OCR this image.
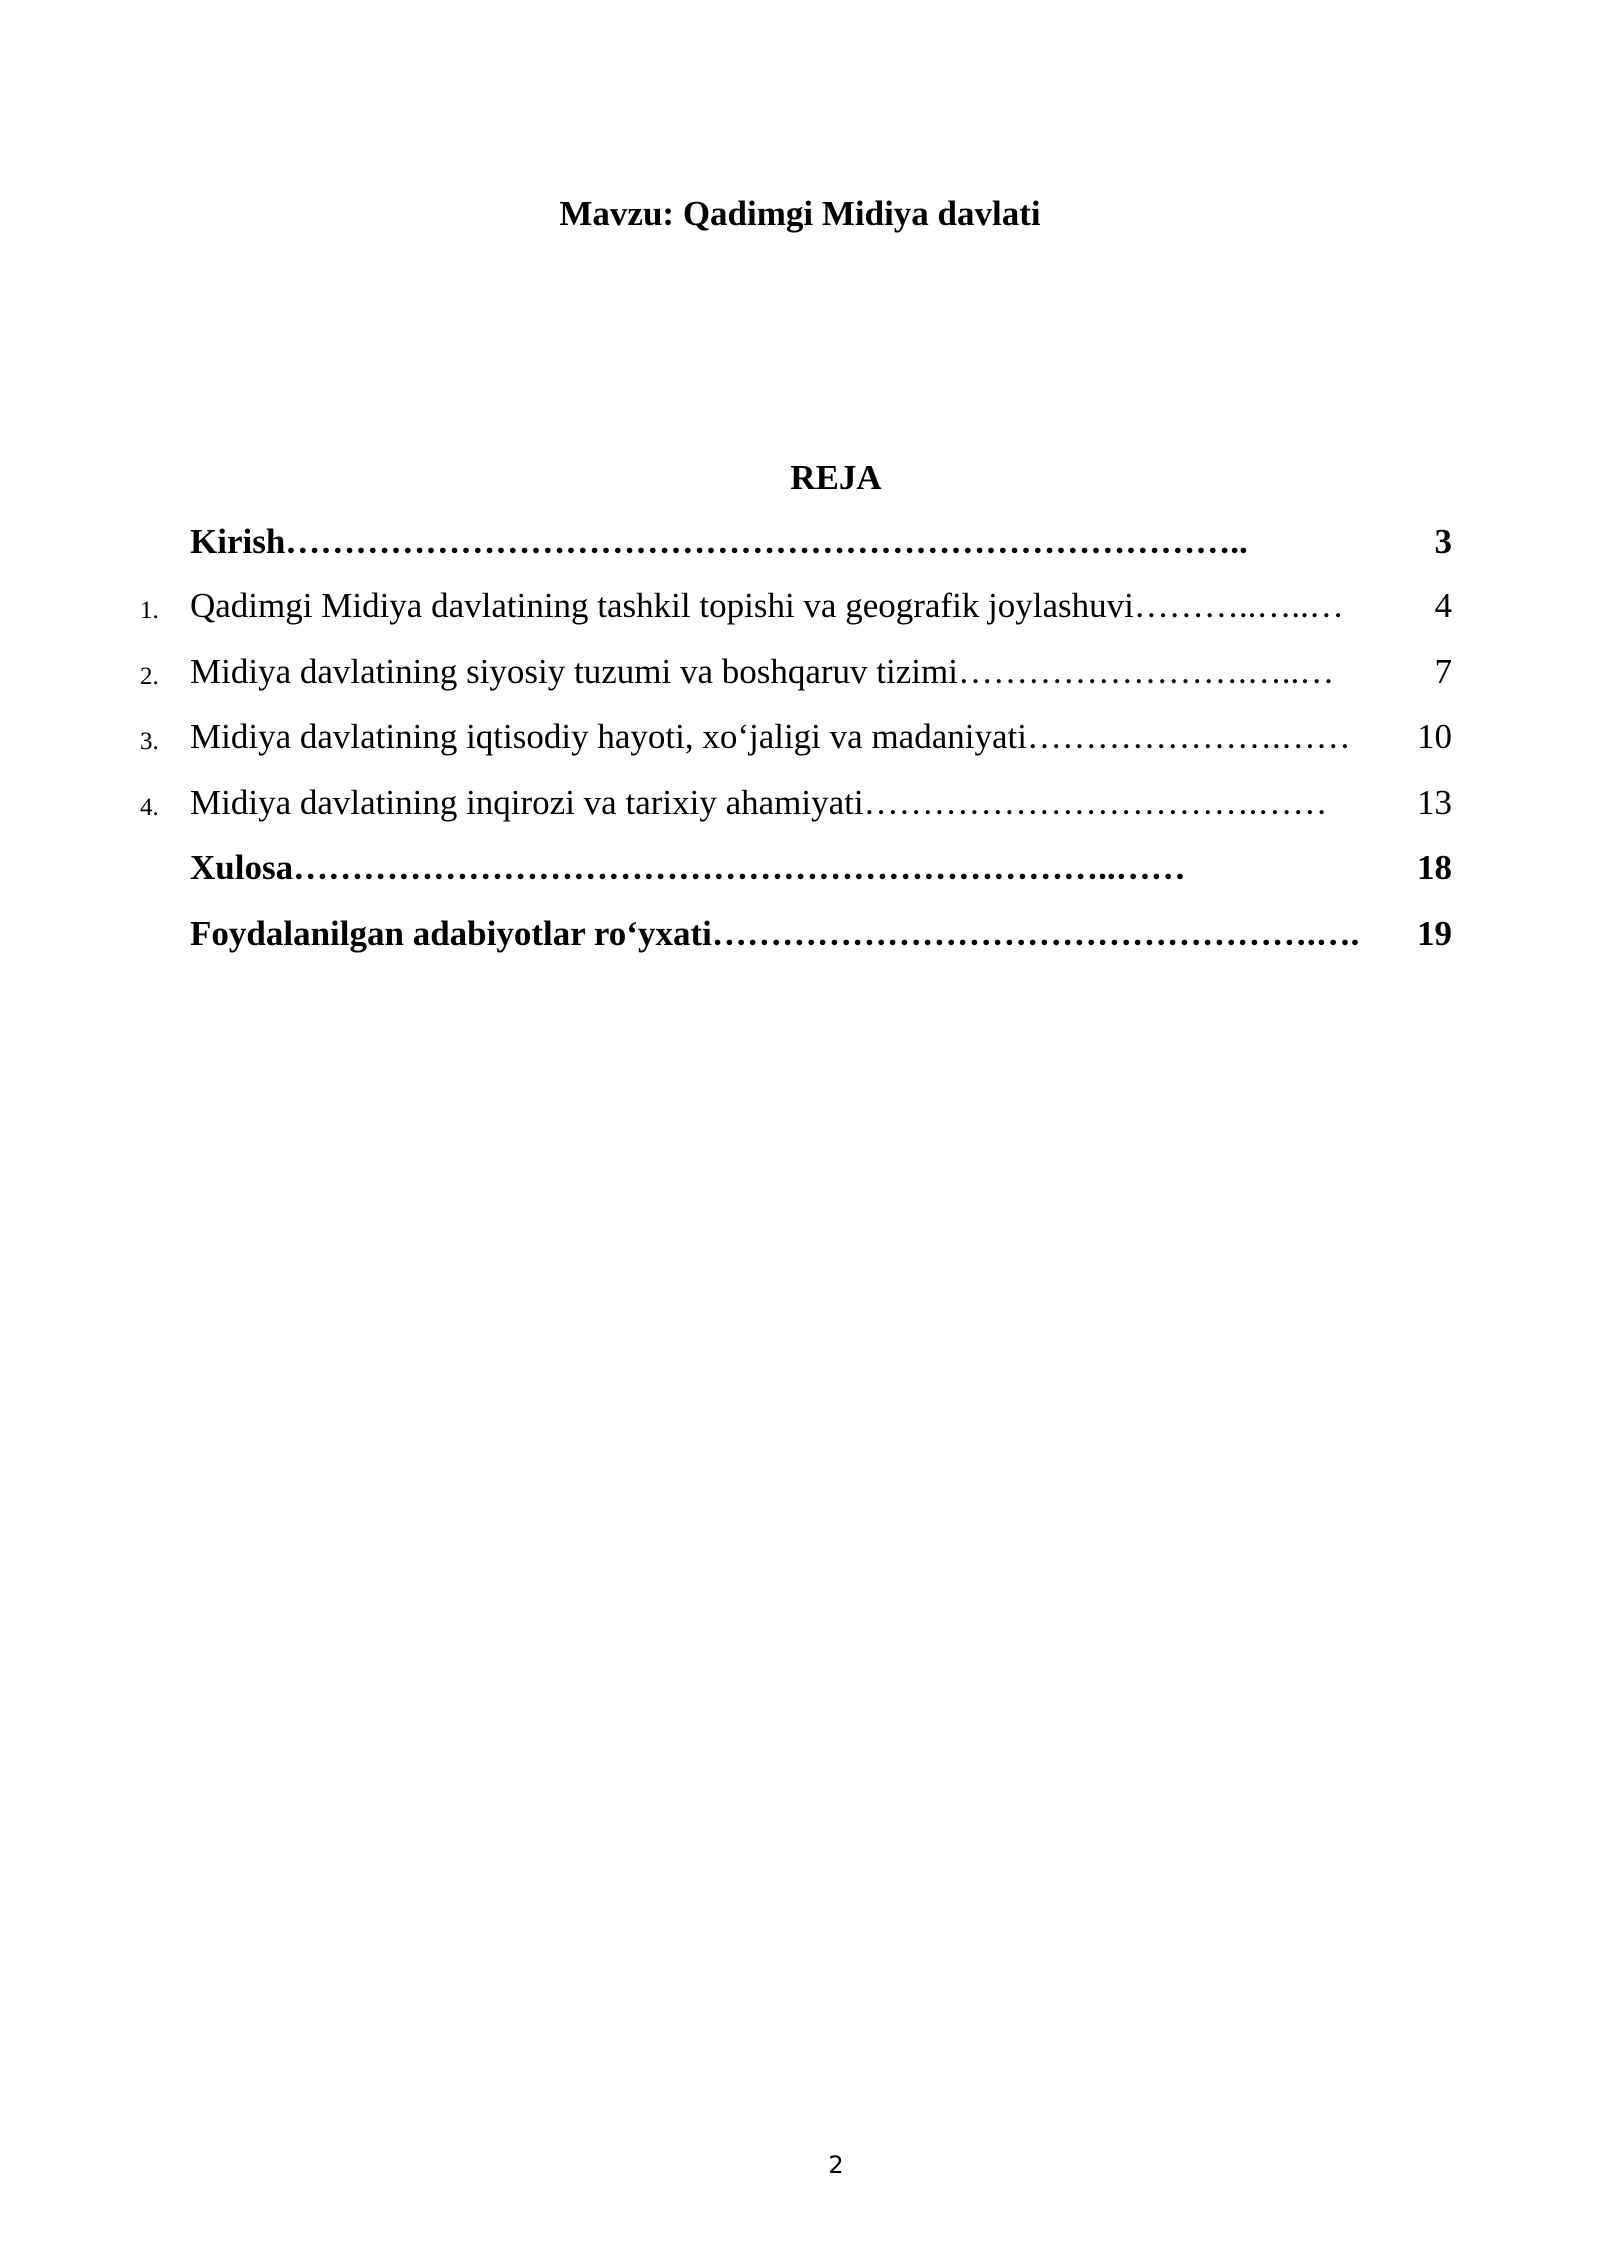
Mavzu: Qadimgi Midiya davlati
REJA
Kirish ………………………………………………………………………..	3
1. Qadimgi Midiya davlatining tashkil topishi va geografik joylashuvi ………..…..…	4
2. Midiya davlatining siyosiy tuzumi va boshqaruv tizimi …………………….…..…	7
3. Midiya davlatining iqtisodiy hayoti, xo‘jaligi va madaniyati ………………….……	10
4. Midiya davlatining inqirozi va tarixiy ahamiyati …………………………….……	13
Xulosa ……………………………………………………………..……	18
Foydalanilgan adabiyotlar ro‘yxati …………………………………………….….	19
2
